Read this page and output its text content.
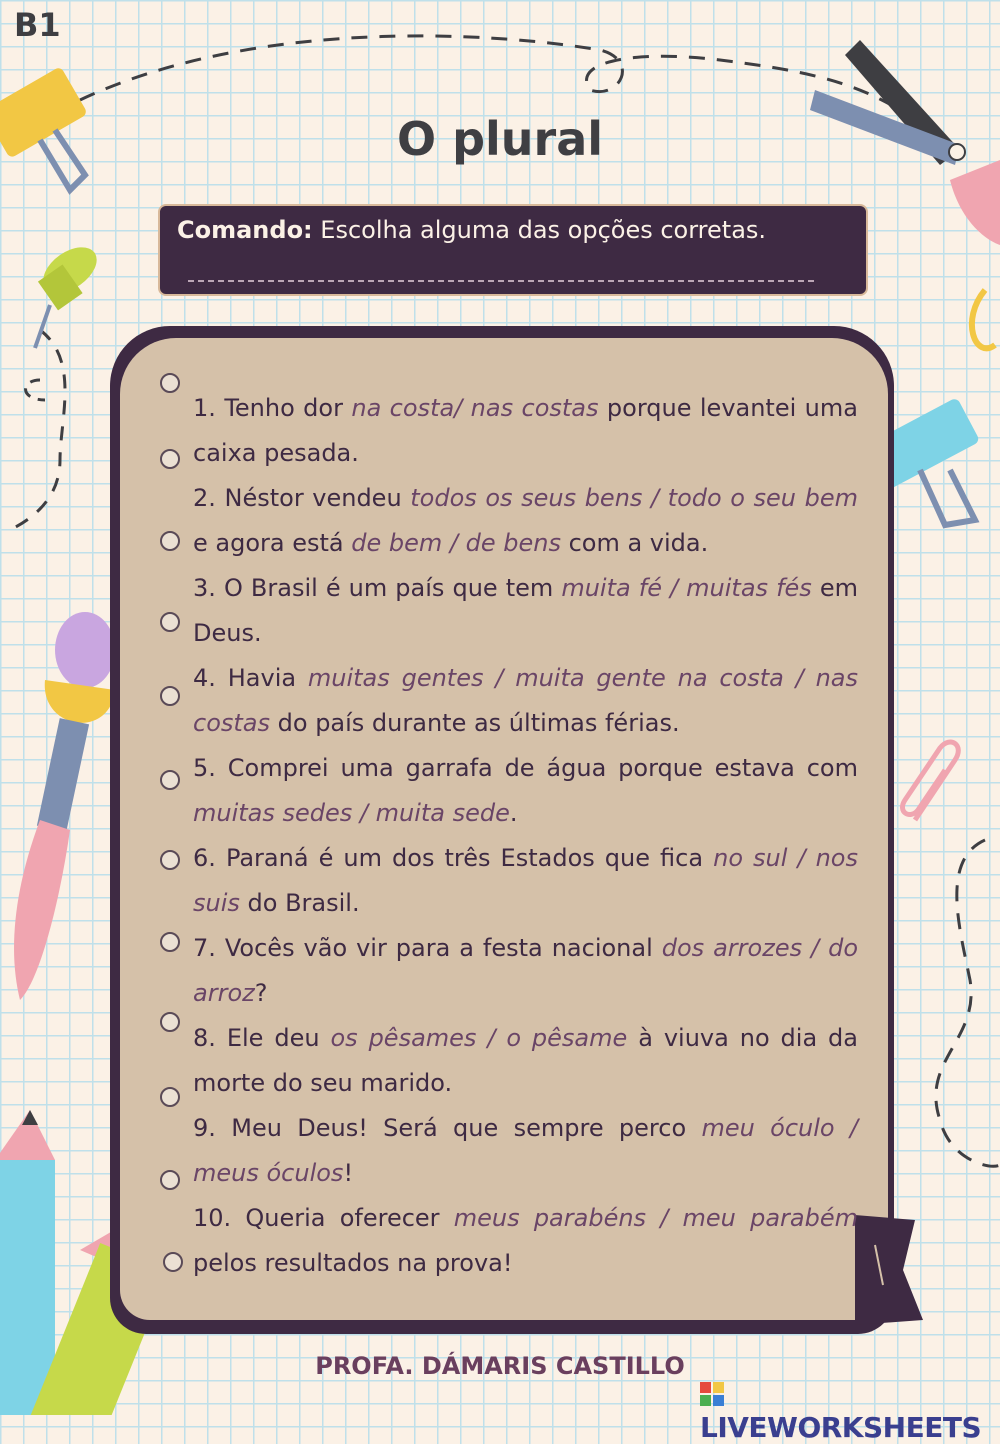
B1
O plural
Comando: Escolha alguma das opções corretas.
1. Tenho dor na costa/ nas costas porque levantei uma caixa pesada.
2. Néstor vendeu todos os seus bens / todo o seu bem e agora está de bem / de bens com a vida.
3. O Brasil é um país que tem muita fé / muitas fés em Deus.
4. Havia muitas gentes / muita gente na costa / nas costas do país durante as últimas férias.
5. Comprei uma garrafa de água porque estava com muitas sedes / muita sede.
6. Paraná é um dos três Estados que fica no sul / nos suis do Brasil.
7. Vocês vão vir para a festa nacional dos arrozes / do arroz?
8. Ele deu os pêsames / o pêsame à viuva no dia da morte do seu marido.
9. Meu Deus! Será que sempre perco meu óculo / meus óculos!
10. Queria oferecer meus parabéns / meu parabém pelos resultados na prova!
PROFA. DÁMARIS CASTILLO
LIVEWORKSHEETS
